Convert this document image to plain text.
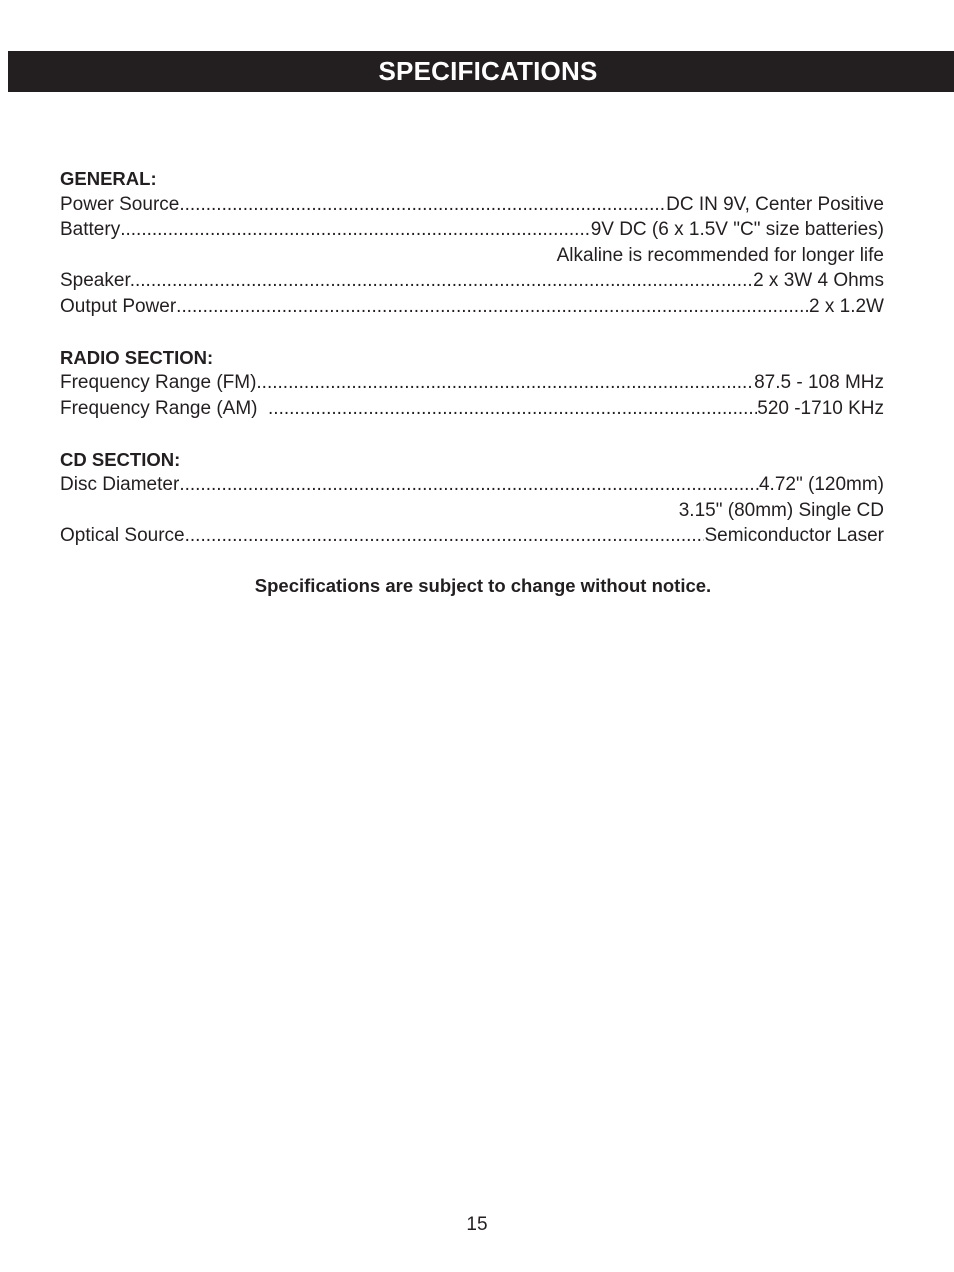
SPECIFICATIONS
GENERAL:
Power Source .....	DC IN 9V, Center Positive
Battery .....	9V DC (6 x 1.5V "C" size batteries)
Alkaline is recommended for longer life
Speaker. .....	2 x 3W 4 Ohms
Output Power .....	2 x 1.2W
RADIO SECTION:
Frequency Range (FM) .....	87.5 - 108 MHz
Frequency Range (AM) .....	520 -1710 KHz
CD SECTION:
Disc Diameter .....	4.72" (120mm)
3.15" (80mm) Single CD
Optical Source .....	Semiconductor Laser
Specifications are subject to change without notice.
15
